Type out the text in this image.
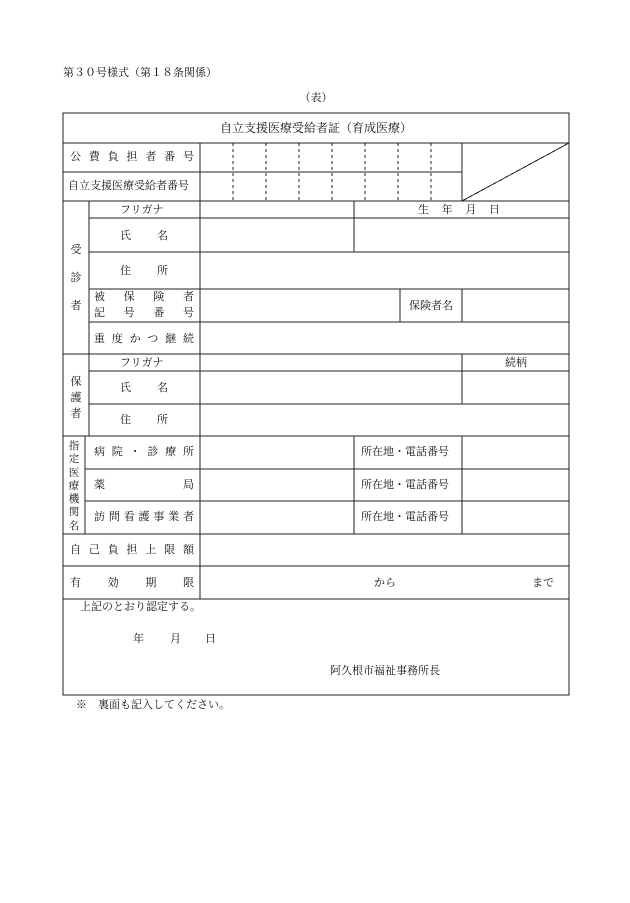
第３０号様式（第１８条関係）
（表）
自立支援医療受給者証（育成医療）
公 費 負 担 者 番 号
自立支援医療受給者番号
受
診
者
フリガナ	生 年 月 日
氏 名
住 所
被 保 険 者
記 号 番 号
保険者名
重 度 か つ 継 続
保
護
者
フリガナ	続柄
氏 名
住 所
指
定
医
療
機
関
名
病 院 ・ 診 療 所	所在地・電話番号
薬	局	所在地・電話番号
訪 問 看 護 事 業 者	所在地・電話番号
自 己 負 担 上 限 額
有 効 期 限	から	まで
上記のとおり認定する。
年 月 日
阿久根市福祉事務所長
※　裏面も記入してください。
